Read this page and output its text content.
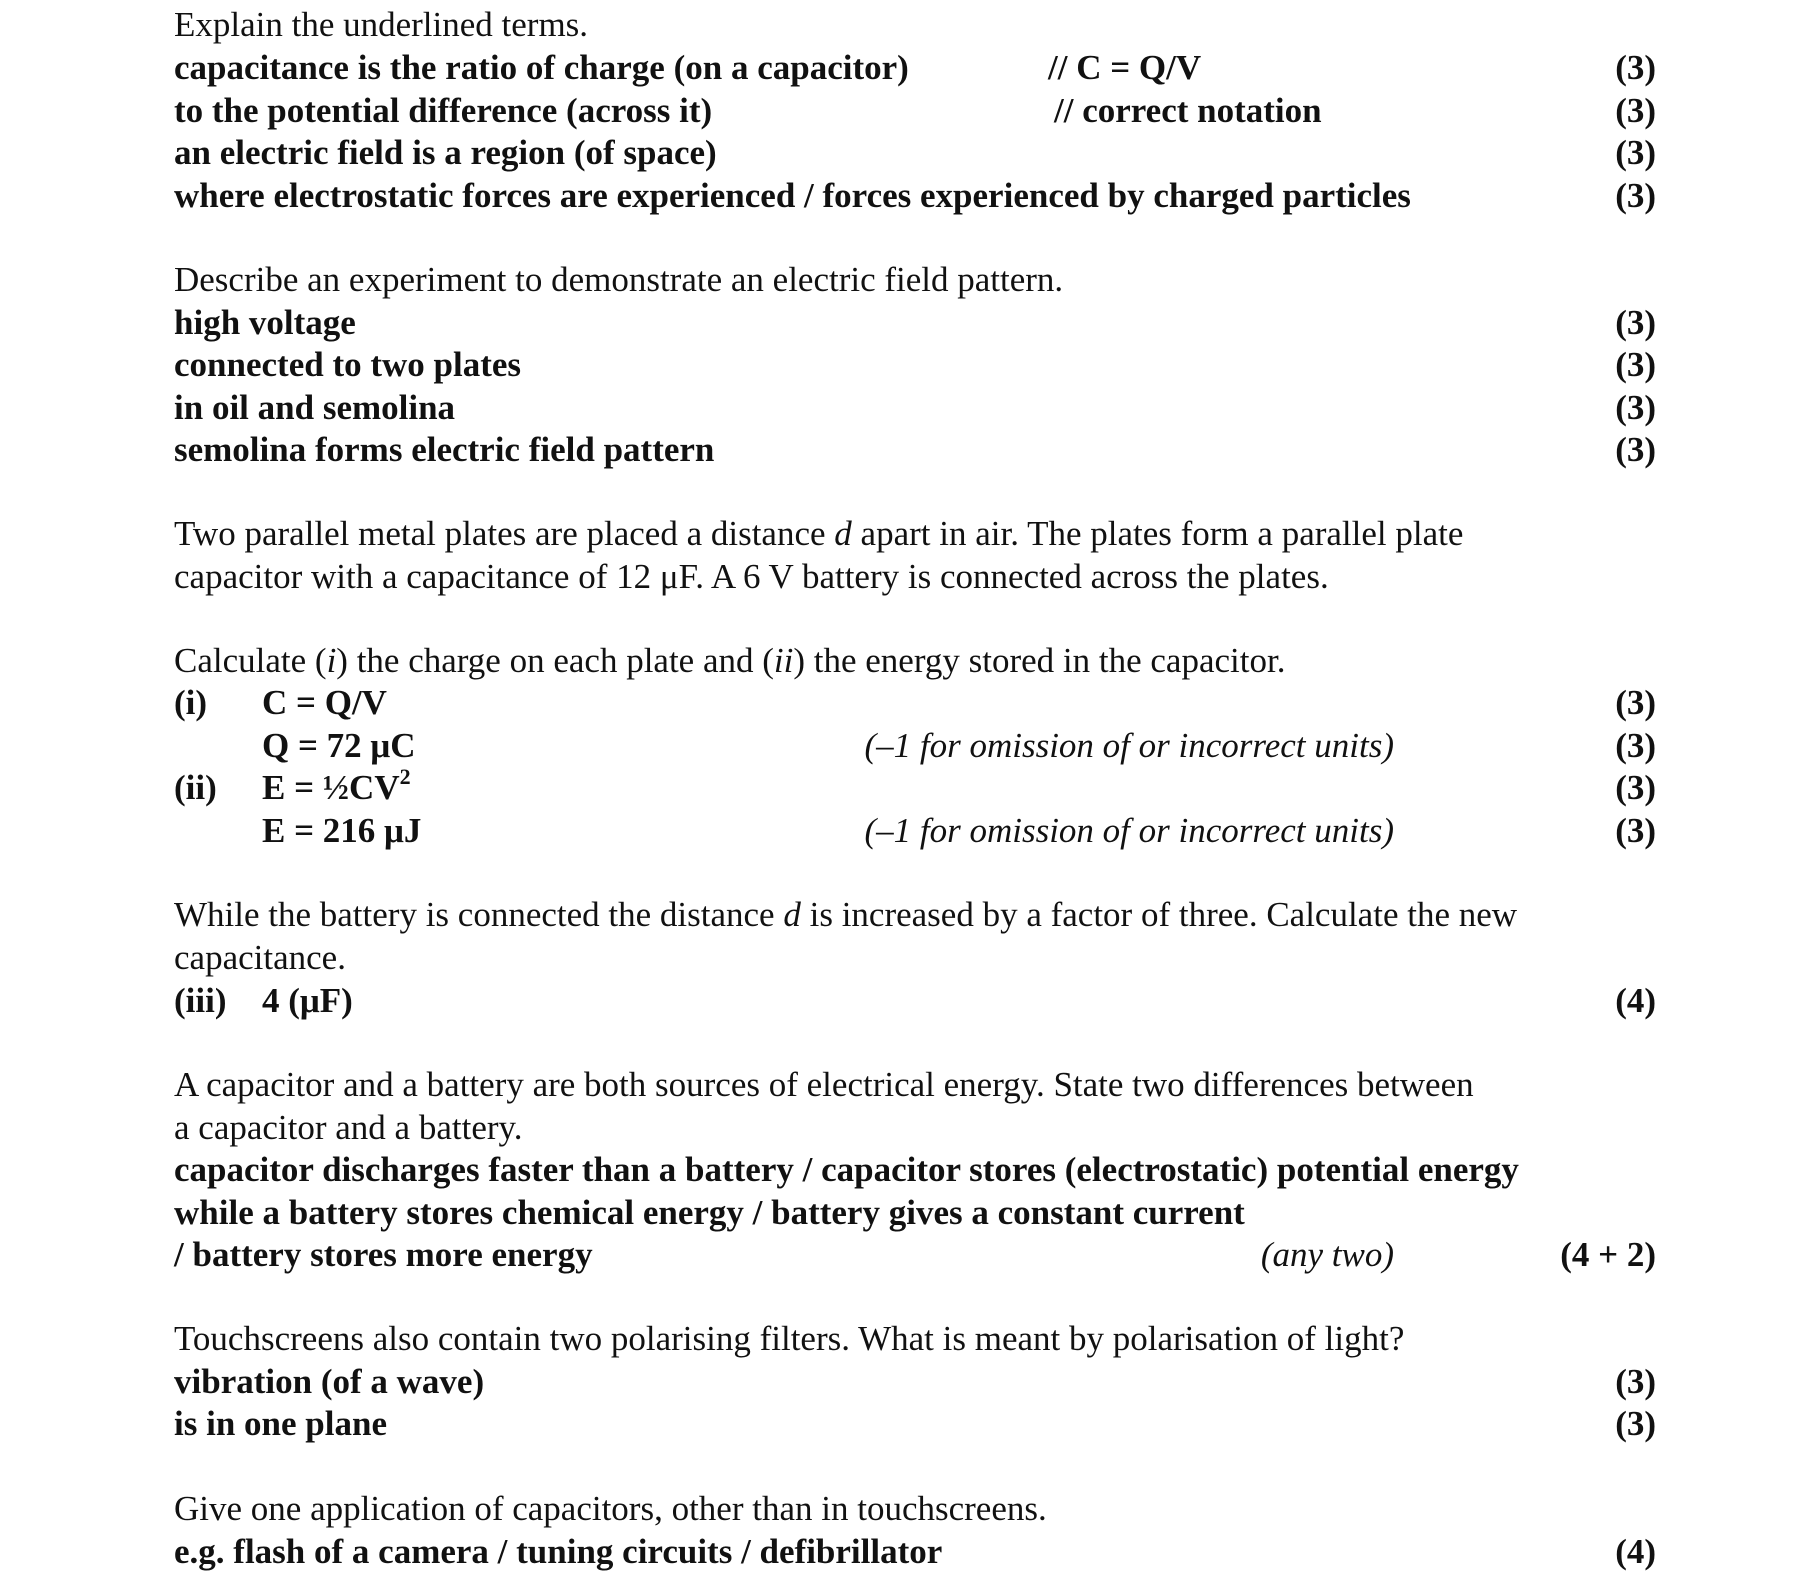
Explain the underlined terms.
capacitance is the ratio of charge (on a capacitor)	// C = Q/V	(3)
to the potential difference (across it)	// correct notation	(3)
an electric field is a region (of space)	(3)
where electrostatic forces are experienced / forces experienced by charged particles	(3)
Describe an experiment to demonstrate an electric field pattern.
high voltage	(3)
connected to two plates	(3)
in oil and semolina	(3)
semolina forms electric field pattern	(3)
Two parallel metal plates are placed a distance d apart in air. The plates form a parallel plate
capacitor with a capacitance of 12 μF. A 6 V battery is connected across the plates.
Calculate (i) the charge on each plate and (ii) the energy stored in the capacitor.
(i) C = Q/V	(3)
Q = 72 μC	(–1 for omission of or incorrect units)	(3)
(ii) $E = \frac{1}{2}CV^2$	(3)
E = 216 μJ	(–1 for omission of or incorrect units)	(3)
While the battery is connected the distance d is increased by a factor of three. Calculate the new
capacitance.
(iii) 4 (μF)	(4)
A capacitor and a battery are both sources of electrical energy. State two differences between
a capacitor and a battery.
capacitor discharges faster than a battery / capacitor stores (electrostatic) potential energy
while a battery stores chemical energy / battery gives a constant current
/ battery stores more energy	(any two)	(4 + 2)
Touchscreens also contain two polarising filters. What is meant by polarisation of light?
vibration (of a wave)	(3)
is in one plane	(3)
Give one application of capacitors, other than in touchscreens.
e.g. flash of a camera / tuning circuits / defibrillator	(4)
